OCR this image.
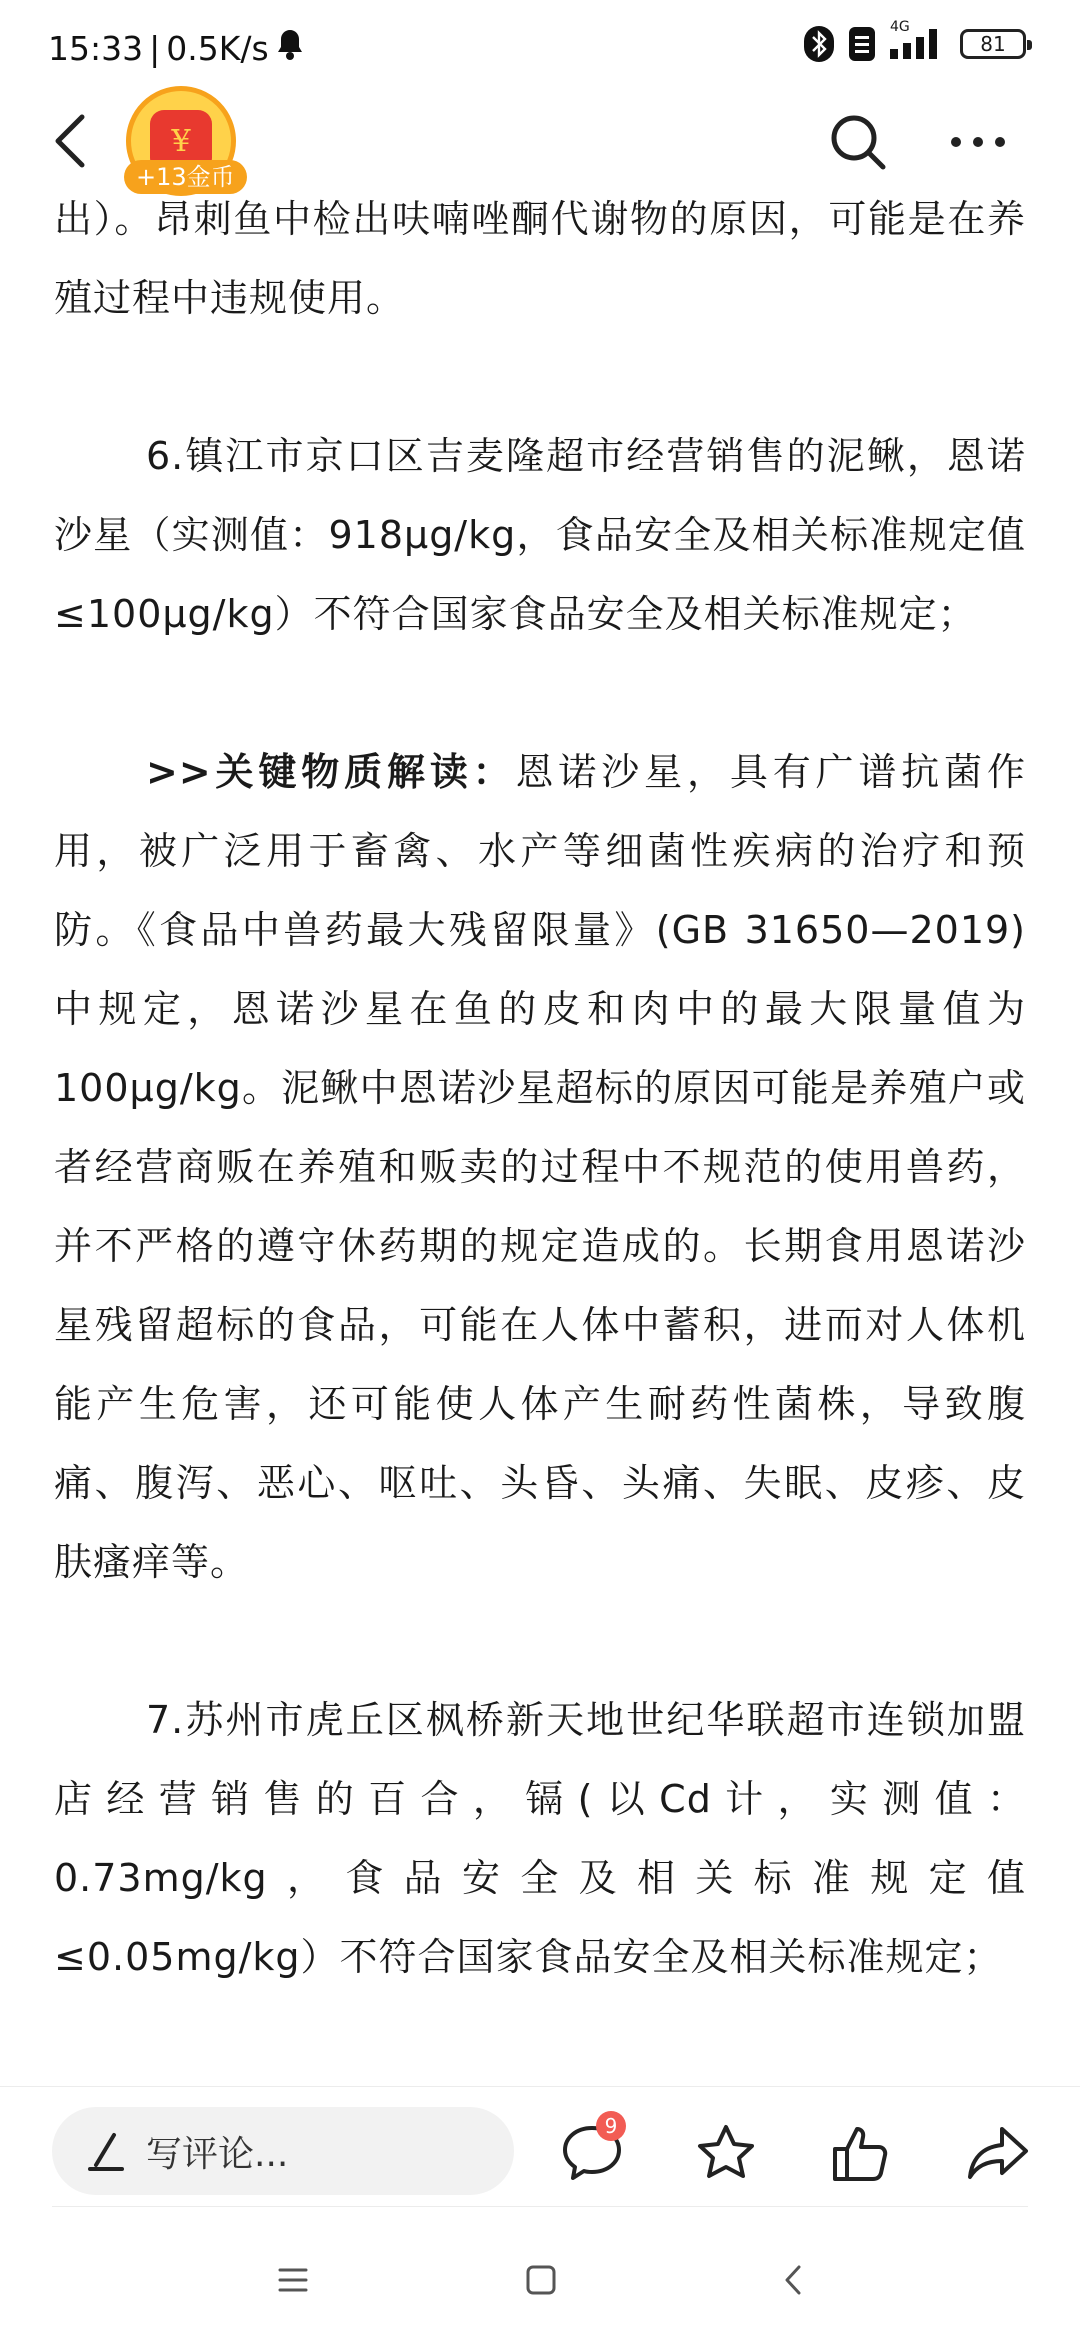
15:33 | 0.5K/s
4G
81
¥
+13金币

出）。昂刺鱼中检出呋喃唑酮代谢物的原因，可能是在养殖过程中违规使用。

6.镇江市京口区吉麦隆超市经营销售的泥鳅，恩诺沙星（实测值：918μg/kg，食品安全及相关标准规定值≤100μg/kg）不符合国家食品安全及相关标准规定；

>>关键物质解读：恩诺沙星，具有广谱抗菌作用，被广泛用于畜禽、水产等细菌性疾病的治疗和预防。《食品中兽药最大残留限量》(GB 31650—2019)中规定，恩诺沙星在鱼的皮和肉中的最大限量值为100μg/kg。泥鳅中恩诺沙星超标的原因可能是养殖户或者经营商贩在养殖和贩卖的过程中不规范的使用兽药，并不严格的遵守休药期的规定造成的。长期食用恩诺沙星残留超标的食品，可能在人体中蓄积，进而对人体机能产生危害，还可能使人体产生耐药性菌株，导致腹痛、腹泻、恶心、呕吐、头昏、头痛、失眠、皮疹、皮肤瘙痒等。

7.苏州市虎丘区枫桥新天地世纪华联超市连锁加盟店经营销售的百合，镉(以Cd计，实测值：0.73mg/kg，食品安全及相关标准规定值≤0.05mg/kg）不符合国家食品安全及相关标准规定；

写评论...
9
